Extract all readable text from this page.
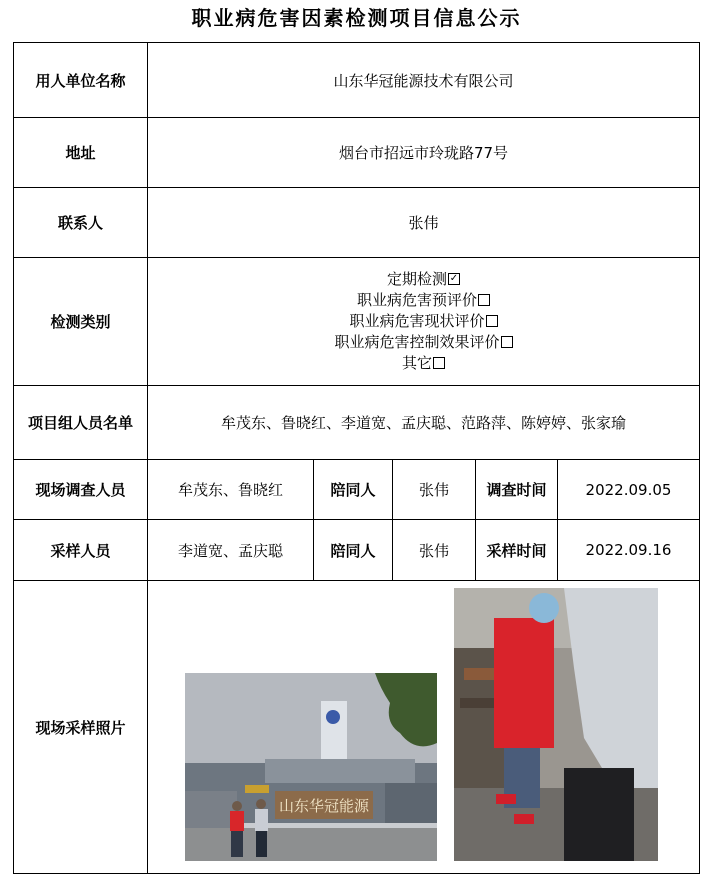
职业病危害因素检测项目信息公示
用人单位名称	山东华冠能源技术有限公司				
地址	烟台市招远市玲珑路77号				
联系人	张伟				
检测类别	定期检测✓
职业病危害预评价
职业病危害现状评价
职业病危害控制效果评价
其它

项目组人员名单	牟茂东、鲁晓红、李道宽、孟庆聪、范路萍、陈婷婷、张家瑜				
现场调查人员	牟茂东、鲁晓红	陪同人	张伟	调查时间	2022.09.05
采样人员	李道宽、孟庆聪	陪同人	张伟	采样时间	2022.09.16
现场采样照片	山东华冠能源				
